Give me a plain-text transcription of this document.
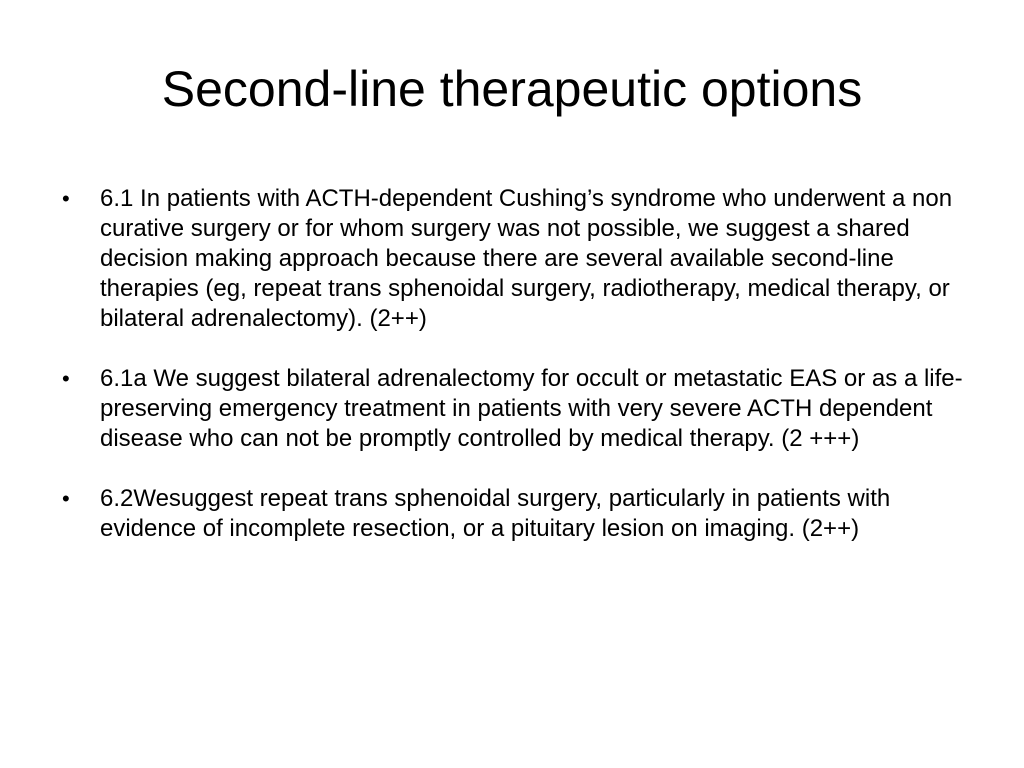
Second-line therapeutic options
• 6.1 In patients with ACTH-dependent Cushing’s syndrome who underwent a non curative surgery or for whom surgery was not possible, we suggest a shared decision making approach because there are several available second-line therapies (eg, repeat trans sphenoidal surgery, radiotherapy, medical therapy, or bilateral adrenalectomy). (2++)
• 6.1a We suggest bilateral adrenalectomy for occult or metastatic EAS or as a life-preserving emergency treatment in patients with very severe ACTH dependent disease who can not be promptly controlled by medical therapy. (2 +++)
• 6.2Wesuggest repeat trans sphenoidal surgery, particularly in patients with evidence of incomplete resection, or a pituitary lesion on imaging. (2++)
